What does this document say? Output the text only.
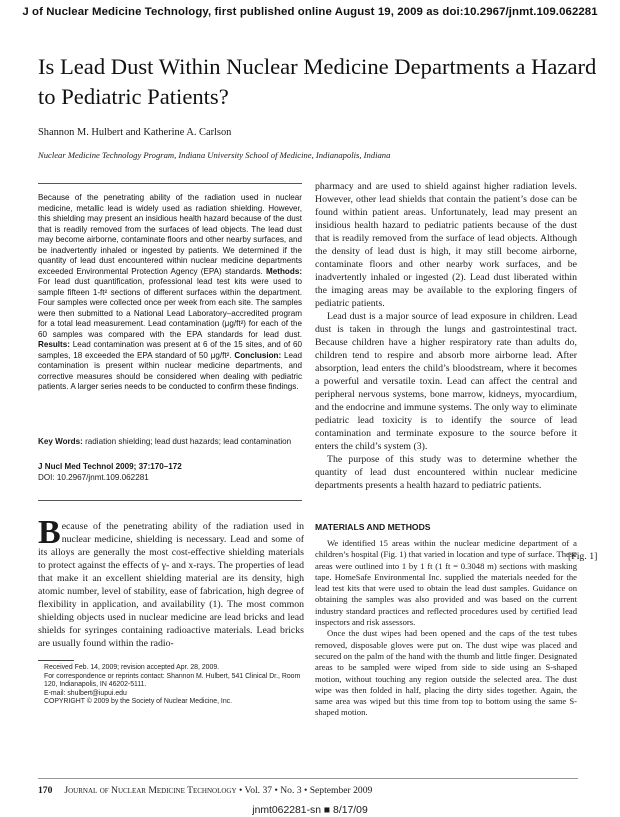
J of Nuclear Medicine Technology, first published online August 19, 2009 as doi:10.2967/jnmt.109.062281
Is Lead Dust Within Nuclear Medicine Departments a Hazard to Pediatric Patients?
Shannon M. Hulbert and Katherine A. Carlson
Nuclear Medicine Technology Program, Indiana University School of Medicine, Indianapolis, Indiana
Because of the penetrating ability of the radiation used in nuclear medicine, metallic lead is widely used as radiation shielding. However, this shielding may present an insidious health hazard because of the dust that is readily removed from the surfaces of lead objects. The lead dust may become airborne, contaminate floors and other nearby surfaces, and be inadvertently inhaled or ingested by patients. We determined if the quantity of lead dust encountered within nuclear medicine departments exceeded Environmental Protection Agency (EPA) standards. Methods: For lead dust quantification, professional lead test kits were used to sample fifteen 1-ft² sections of different surfaces within the department. Four samples were collected once per week from each site. The samples were then submitted to a National Lead Laboratory–accredited program for a total lead measurement. Lead contamination (μg/ft²) for each of the 60 samples was compared with the EPA standards for lead dust. Results: Lead contamination was present at 6 of the 15 sites, and of 60 samples, 18 exceeded the EPA standard of 50 μg/ft². Conclusion: Lead contamination is present within nuclear medicine departments, and corrective measures should be considered when dealing with pediatric patients. A larger series needs to be conducted to confirm these findings.
Key Words: radiation shielding; lead dust hazards; lead contamination
J Nucl Med Technol 2009; 37:170–172
DOI: 10.2967/jnmt.109.062281
Because of the penetrating ability of the radiation used in nuclear medicine, shielding is necessary. Lead and some of its alloys are generally the most cost-effective shielding materials to protect against the effects of γ- and x-rays. The properties of lead that make it an excellent shielding material are its density, high atomic number, level of stability, ease of fabrication, high degree of flexibility in application, and availability (1). The most common shielding objects used in nuclear medicine are lead bricks and lead shields for syringes containing radioactive materials. Lead bricks are usually found within the radio-
Received Feb. 14, 2009; revision accepted Apr. 28, 2009.
For correspondence or reprints contact: Shannon M. Hulbert, 541 Clinical Dr., Room 120, Indianapolis, IN 46202-5111.
E-mail: shulbert@iupui.edu
COPYRIGHT © 2009 by the Society of Nuclear Medicine, Inc.

pharmacy and are used to shield against higher radiation levels. However, other lead shields that contain the patient’s dose can be found within patient areas. Unfortunately, lead may present an insidious health hazard to pediatric patients because of the dust that is readily removed from the surface of lead objects. Although the density of lead dust is high, it may still become airborne, contaminate floors and other nearby work surfaces, and be inadvertently inhaled or ingested (2). Lead dust liberated within the imaging areas may be available to the exploring fingers of pediatric patients.

Lead dust is a major source of lead exposure in children. Lead dust is taken in through the lungs and gastrointestinal tract. Because children have a higher respiratory rate than adults do, children tend to respire and absorb more airborne lead. After absorption, lead enters the child’s bloodstream, where it becomes a powerful and versatile toxin. Lead can affect the central and peripheral nervous systems, bone marrow, kidneys, myocardium, and the endocrine and immune systems. The only way to eliminate pediatric lead toxicity is to identify the source of lead contamination and terminate exposure to the source before it enters the child’s system (3).

The purpose of this study was to determine whether the quantity of lead dust encountered within nuclear medicine departments presents a health hazard to pediatric patients.

MATERIALS AND METHODS

We identified 15 areas within the nuclear medicine department of a children’s hospital (Fig. 1) that varied in location and type of surface. These areas were outlined into 1 by 1 ft (1 ft = 0.3048 m) sections with masking tape. HomeSafe Environmental Inc. supplied the materials needed for the lead test kits that were used to obtain the lead dust samples. Guidance on obtaining the samples was also provided and was based on the current industry standard practices and reflected procedures used by certified lead inspectors and risk assessors.

Once the dust wipes had been opened and the caps of the test tubes removed, disposable gloves were put on. The dust wipe was placed and secured on the palm of the hand with the thumb and little finger. Designated areas to be sampled were wiped from side to side using an S-shaped motion, without touching any region outside the selected area. The dust wipe was then folded in half, placing the dirty sides together. Again, the same area was wiped but this time from top to bottom using the same S-shaped motion.

[Fig. 1]
170 Journal of Nuclear Medicine Technology • Vol. 37 • No. 3 • September 2009
jnmt062281-sn ■ 8/17/09
